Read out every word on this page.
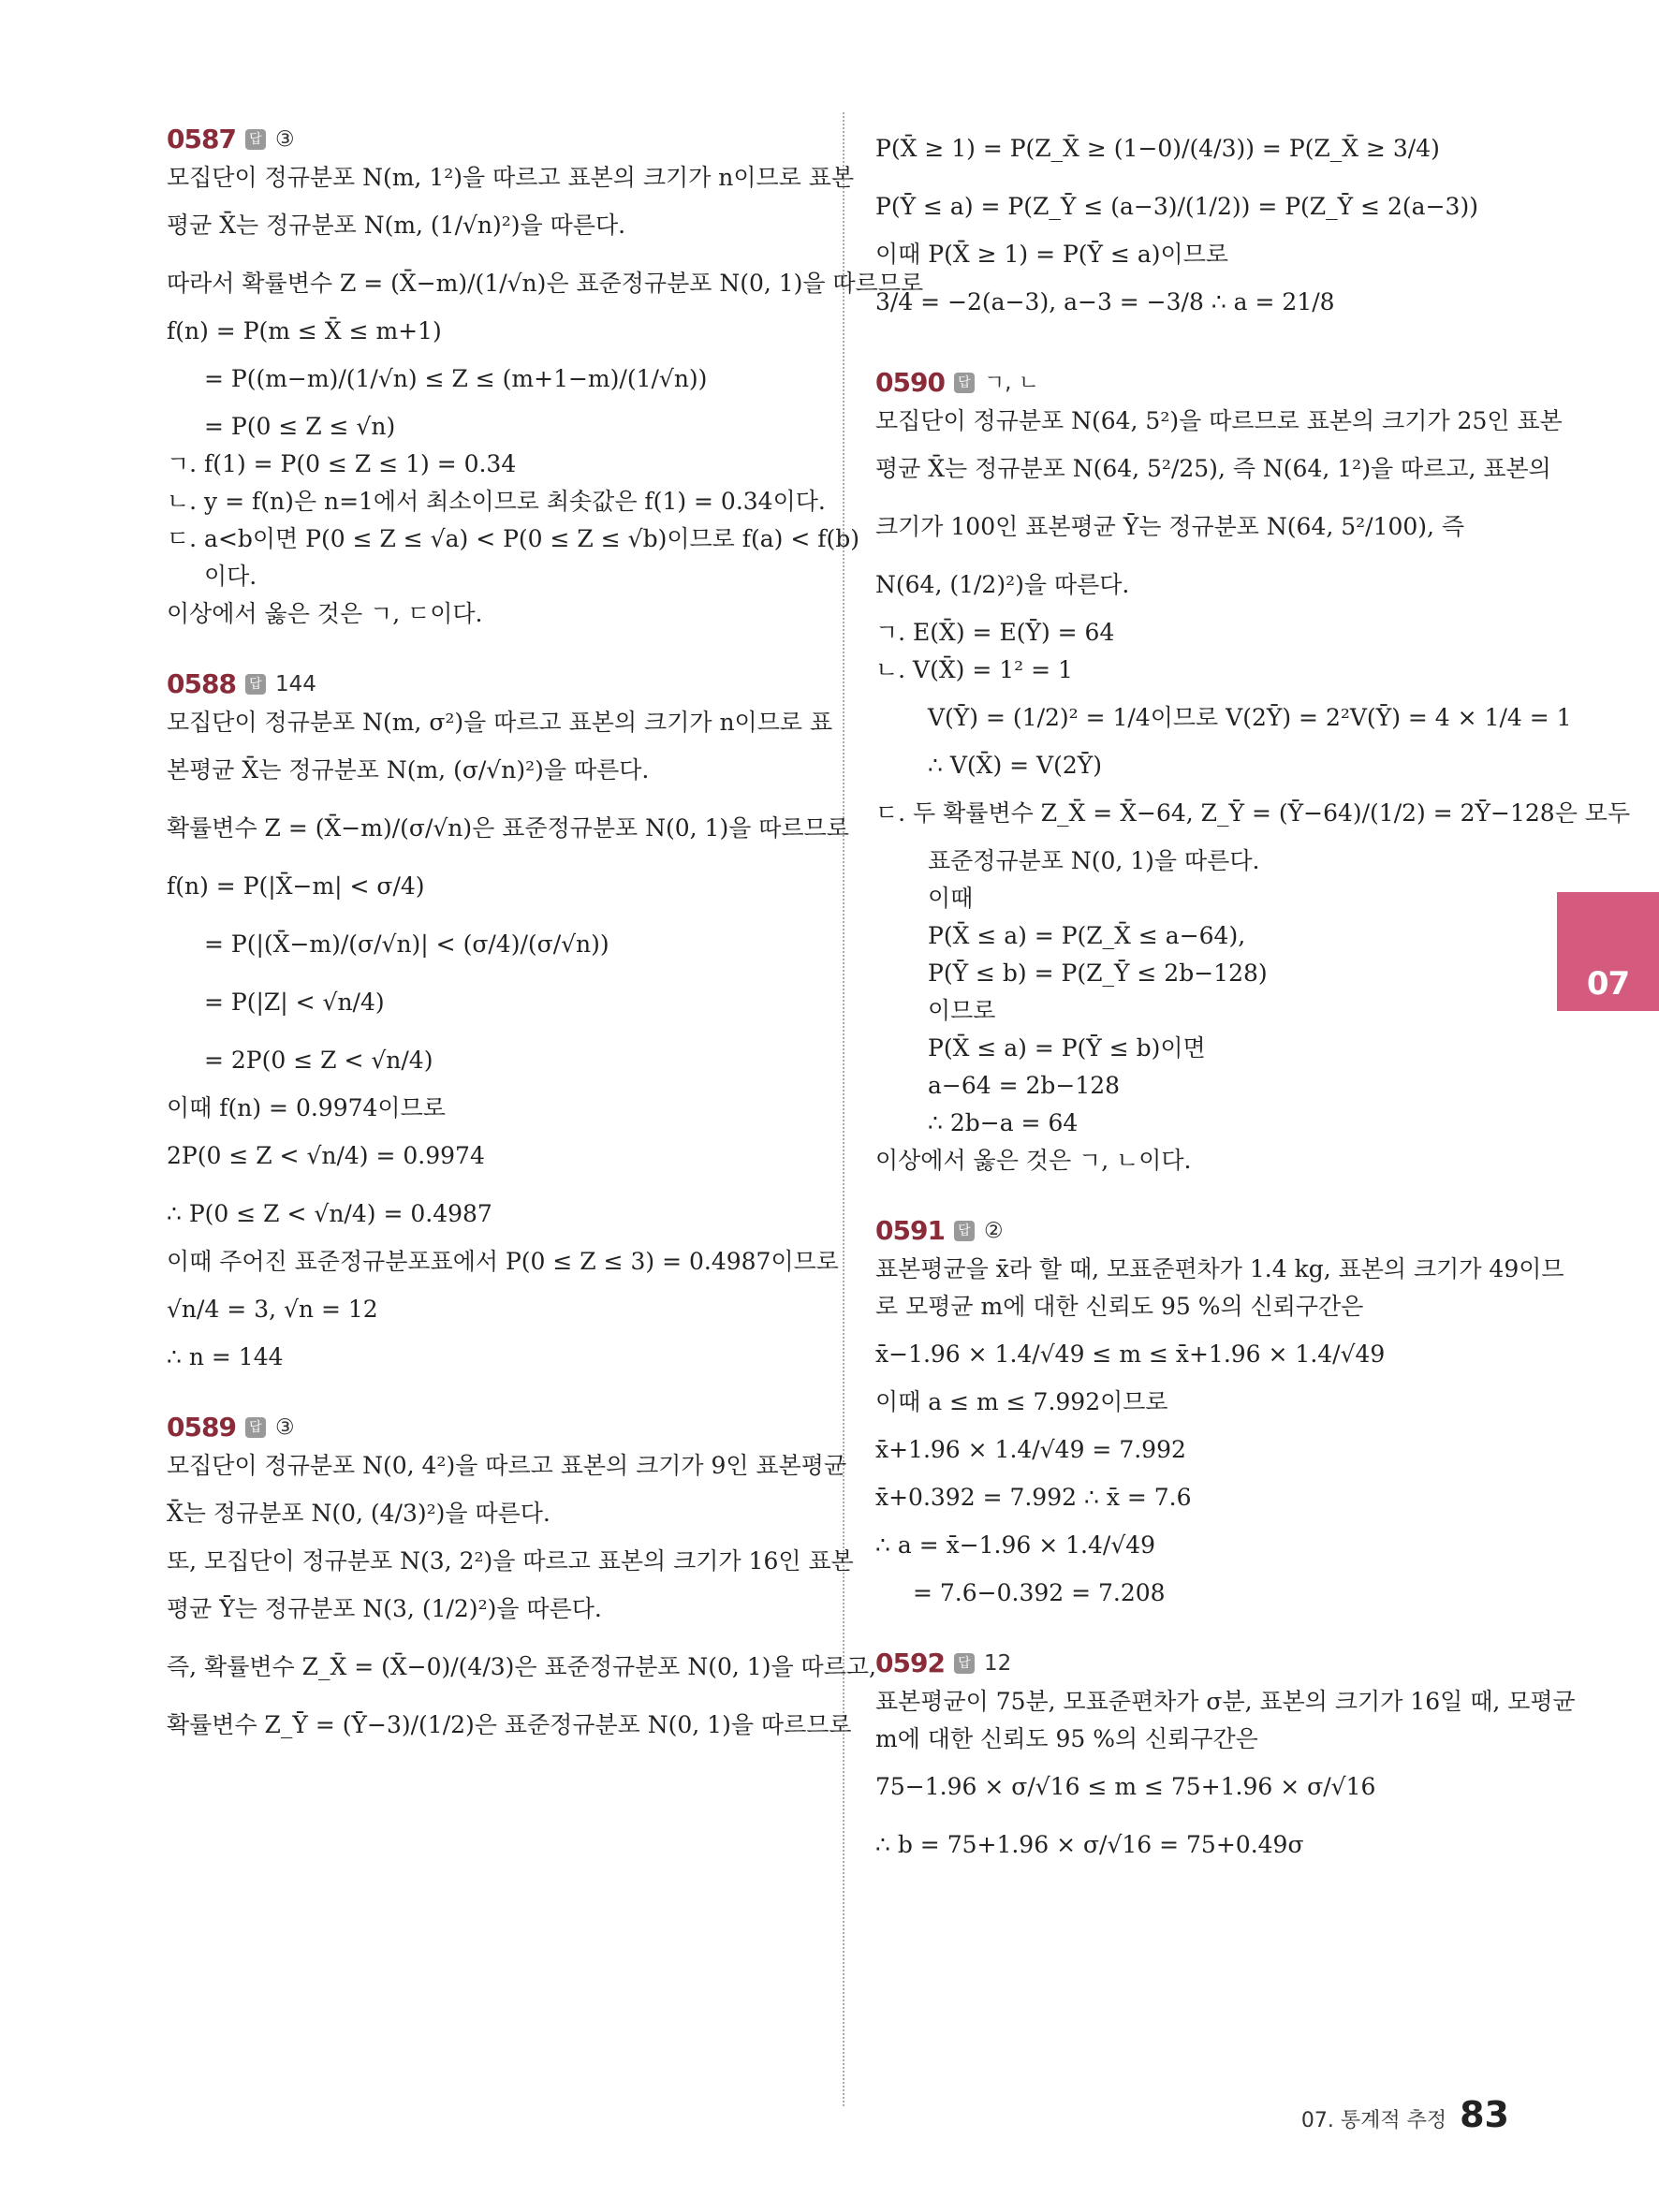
0587	답 ③
모집단이 정규분포 N(m, 1²)을 따르고 표본의 크기가 n이므로 표본
평균 X̄는 정규분포 N(m, (1/√n)²)을 따른다.
따라서 확률변수 Z = (X̄−m)/(1/√n)은 표준정규분포 N(0, 1)을 따르므로
f(n) = P(m ≤ X̄ ≤ m+1)
= P((m−m)/(1/√n) ≤ Z ≤ (m+1−m)/(1/√n))
= P(0 ≤ Z ≤ √n)
ㄱ. f(1) = P(0 ≤ Z ≤ 1) = 0.34
ㄴ. y = f(n)은 n=1에서 최소이므로 최솟값은 f(1) = 0.34이다.
ㄷ. a<b이면 P(0 ≤ Z ≤ √a) < P(0 ≤ Z ≤ √b)이므로 f(a) < f(b)
이다.
이상에서 옳은 것은 ㄱ, ㄷ이다.
0588	답 144
모집단이 정규분포 N(m, σ²)을 따르고 표본의 크기가 n이므로 표
본평균 X̄는 정규분포 N(m, (σ/√n)²)을 따른다.
확률변수 Z = (X̄−m)/(σ/√n)은 표준정규분포 N(0, 1)을 따르므로
f(n) = P(|X̄−m| < σ/4)
= P(|(X̄−m)/(σ/√n)| < (σ/4)/(σ/√n))
= P(|Z| < √n/4)
= 2P(0 ≤ Z < √n/4)
이때 f(n) = 0.9974이므로
2P(0 ≤ Z < √n/4) = 0.9974
∴ P(0 ≤ Z < √n/4) = 0.4987
이때 주어진 표준정규분포표에서 P(0 ≤ Z ≤ 3) = 0.4987이므로
√n/4 = 3, √n = 12
∴ n = 144
0589	답 ③
모집단이 정규분포 N(0, 4²)을 따르고 표본의 크기가 9인 표본평균
X̄는 정규분포 N(0, (4/3)²)을 따른다.
또, 모집단이 정규분포 N(3, 2²)을 따르고 표본의 크기가 16인 표본
평균 Ȳ는 정규분포 N(3, (1/2)²)을 따른다.
즉, 확률변수 Z_X̄ = (X̄−0)/(4/3)은 표준정규분포 N(0, 1)을 따르고,
확률변수 Z_Ȳ = (Ȳ−3)/(1/2)은 표준정규분포 N(0, 1)을 따르므로
P(X̄ ≥ 1) = P(Z_X̄ ≥ (1−0)/(4/3)) = P(Z_X̄ ≥ 3/4)
P(Ȳ ≤ a) = P(Z_Ȳ ≤ (a−3)/(1/2)) = P(Z_Ȳ ≤ 2(a−3))
이때 P(X̄ ≥ 1) = P(Ȳ ≤ a)이므로
3/4 = −2(a−3), a−3 = −3/8 ∴ a = 21/8
0590	답 ㄱ, ㄴ
모집단이 정규분포 N(64, 5²)을 따르므로 표본의 크기가 25인 표본
평균 X̄는 정규분포 N(64, 5²/25), 즉 N(64, 1²)을 따르고, 표본의
크기가 100인 표본평균 Ȳ는 정규분포 N(64, 5²/100), 즉
N(64, (1/2)²)을 따른다.
ㄱ. E(X̄) = E(Ȳ) = 64
ㄴ. V(X̄) = 1² = 1
V(Ȳ) = (1/2)² = 1/4이므로 V(2Ȳ) = 2²V(Ȳ) = 4 × 1/4 = 1
∴ V(X̄) = V(2Ȳ)
ㄷ. 두 확률변수 Z_X̄ = X̄−64, Z_Ȳ = (Ȳ−64)/(1/2) = 2Ȳ−128은 모두
표준정규분포 N(0, 1)을 따른다.
이때
P(X̄ ≤ a) = P(Z_X̄ ≤ a−64),
P(Ȳ ≤ b) = P(Z_Ȳ ≤ 2b−128)
이므로
P(X̄ ≤ a) = P(Ȳ ≤ b)이면
a−64 = 2b−128
∴ 2b−a = 64
이상에서 옳은 것은 ㄱ, ㄴ이다.
0591	답 ②
표본평균을 x̄라 할 때, 모표준편차가 1.4 kg, 표본의 크기가 49이므
로 모평균 m에 대한 신뢰도 95 %의 신뢰구간은
x̄−1.96 × 1.4/√49 ≤ m ≤ x̄+1.96 × 1.4/√49
이때 a ≤ m ≤ 7.992이므로
x̄+1.96 × 1.4/√49 = 7.992
x̄+0.392 = 7.992 ∴ x̄ = 7.6
∴ a = x̄−1.96 × 1.4/√49
= 7.6−0.392 = 7.208
0592	답 12
표본평균이 75분, 모표준편차가 σ분, 표본의 크기가 16일 때, 모평균
m에 대한 신뢰도 95 %의 신뢰구간은
75−1.96 × σ/√16 ≤ m ≤ 75+1.96 × σ/√16
∴ b = 75+1.96 × σ/√16 = 75+0.49σ
07
07. 통계적 추정 83
